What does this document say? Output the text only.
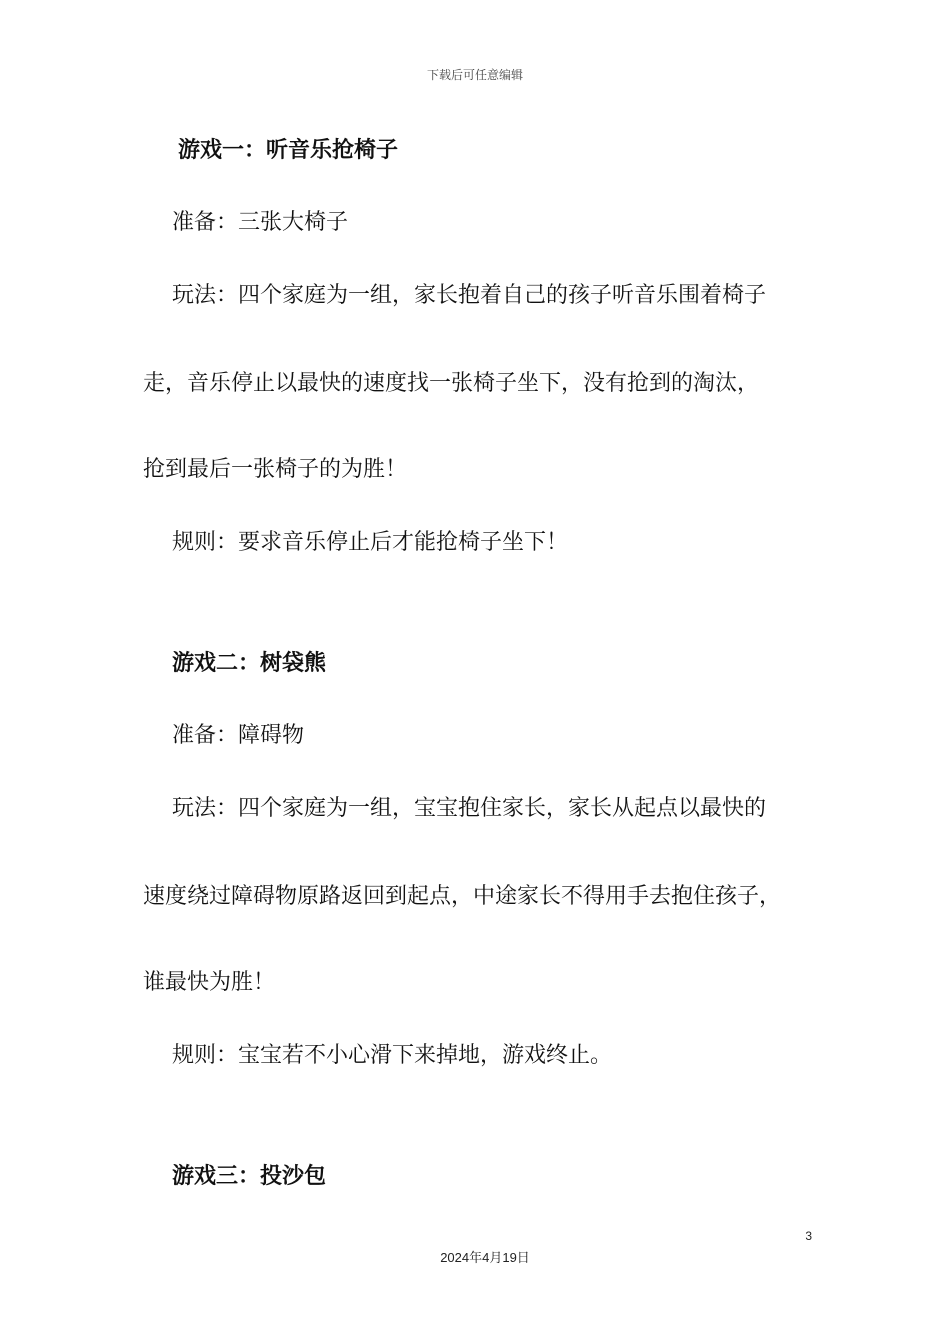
下载后可任意编辑
游戏一：听音乐抢椅子
准备：三张大椅子
玩法：四个家庭为一组，家长抱着自己的孩子听音乐围着椅子
走，音乐停止以最快的速度找一张椅子坐下，没有抢到的淘汰，
抢到最后一张椅子的为胜！
规则：要求音乐停止后才能抢椅子坐下！
游戏二：树袋熊
准备：障碍物
玩法：四个家庭为一组，宝宝抱住家长，家长从起点以最快的
速度绕过障碍物原路返回到起点，中途家长不得用手去抱住孩子，
谁最快为胜！
规则：宝宝若不小心滑下来掉地，游戏终止。
游戏三：投沙包
3
2024年4月19日
